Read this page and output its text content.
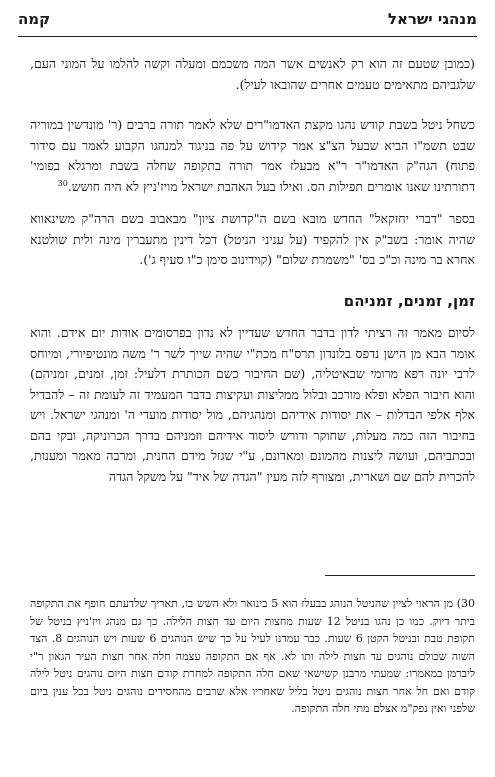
מנהגי ישראל
קמה

(כמובן שטעם זה הוא רק לאנשים אשר המה משכמם ומעלה וקשה להלמו על המוני העם, שלגביהם מתאימים טעמים אחרים שהובאו לעיל).

כשחל ניטל בשבת קודש נהגו מקצת האדמו"רים שלא לאמר תורה ברבים (ר' מונדשין במוריה שבט תשמ"ו הביא שבעל הצ"צ אמר קידוש על פה בניגוד למנהגו הקבוע לאמר עם סידור פתוח) הגה"ק האדמו"ר ר"א מבעלז אמר תורה בתקופה שחלה בשבת ומרגלא בפומי' דתורתינו שאנו אומרים תפילות הס. ואילו בעל האהבת ישראל מויז'ניץ לא היה חושש.$^{30}$

בספר "דברי יחזקאל" החדש מובא בשם ה"קדושת ציון" מבאבוב בשם הרה"ק משינאווא שהיה אומר: בשב"ק אין להקפיד (על עניני הניטל) דכל דינין מתעברין מינה ולית שולטנא אחרא בר מינה וכ"כ בס' "משמרת שלום" (קוידינוב סימן כ"ו סעיף ג').

זמן, זמנים, זמניהם

לסיום מאמר זה רציתי לדון בדבר החדש שעדיין לא נדון בפרסומים אודות יום אידם. והוא אומר הבא מן הישן נדפס בלונדון תרס"ח מכת"י שהיה שייך לשר ר' משה מונטיפיורי, ומיוחס לרבי יונה רפא מרומי שבאיטליה, (שם החיבור כשם הכותרת דלעיל: זמן, זמנים, זמניהם) והוא חיבור הפלא ופלא מורכב ובלול ממליצות ועקיצות בדבר המעמיד זה לעומת זה – להבדיל אלף אלפי הבדלות – את יסודות אידיהם ומנהגיהם, מול יסודות מועדי ה' ומנהגי ישראל. ויש בחיבור הזה כמה מעלות, שחוקר ודורש ליסוד אידיהם וזמניהם בדרך הכרוניקה, ובקי בהם ובכתביהם, ועושה ליצנות מהמונם ומאדונם, ע"י שגזל מידם החנית, ומרבה מאמר ומענות, להכרית להם שם ושארית, ומצורף לזה מעין "הגדה של איד" על משקל הגדה

30) מן הראוי לציין שהניטל הנוהג בבעלז הוא 5 בינואר ולא השש בו, תאריך שלדעתם חופף את התקופה ביתר דיוק. כמו כן נהגו בניטל 12 שעות מחצות היום עד חצות הלילה. כך גם מנהג ויז'ניץ בניטל של תקופת טבת ובניטל הקטן 6 שעות. כבר עמדנו לעיל על כך שיש הנוהגים 6 שעות ויש הנוהגים 8. הצד השוה שכולם נוהגים עד חצות לילה ותו לא. אף אם התקופה עצמה חלה אחר חצות העיר הגאון ר"י ליברמן במאמרו: שמעתי מרבנן קשישאי שאם חלה התקופה למחרת קודם חצות היום נוהגים ניטל לילה קודם ואם חל אחר חצות נוהגים ניטל בליל שאחריו אלא שרבים מהחסידים נוהגים ניטל בכל ענין ביום שלפני ואין נפק"מ אצלם מתי חלה התקופה.
